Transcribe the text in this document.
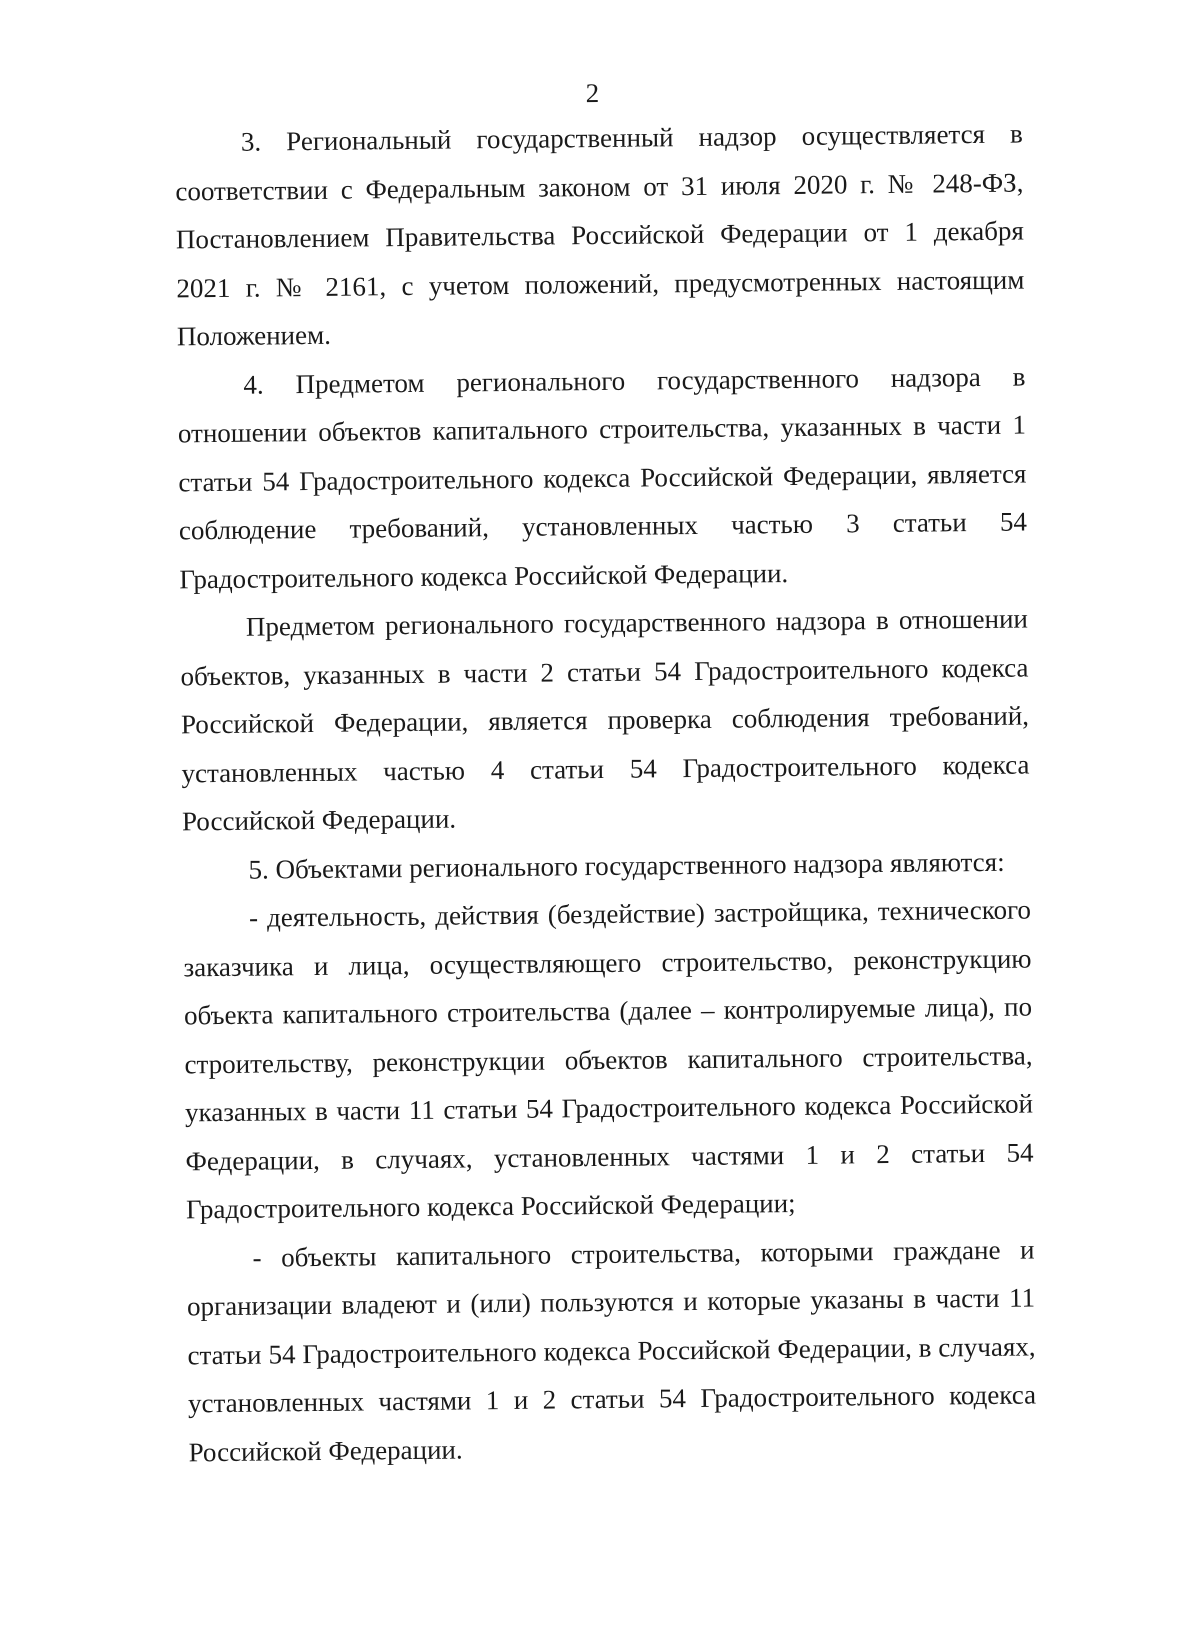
2

3. Региональный государственный надзор осуществляется в соответствии с Федеральным законом от 31 июля 2020 г. № 248-ФЗ, Постановлением Правительства Российской Федерации от 1 декабря 2021 г. № 2161, с учетом положений, предусмотренных настоящим Положением.

4. Предметом регионального государственного надзора в отношении объектов капитального строительства, указанных в части 1 статьи 54 Градостроительного кодекса Российской Федерации, является соблюдение требований, установленных частью 3 статьи 54 Градостроительного кодекса Российской Федерации.

Предметом регионального государственного надзора в отношении объектов, указанных в части 2 статьи 54 Градостроительного кодекса Российской Федерации, является проверка соблюдения требований, установленных частью 4 статьи 54 Градостроительного кодекса Российской Федерации.

5. Объектами регионального государственного надзора являются:

- деятельность, действия (бездействие) застройщика, технического заказчика и лица, осуществляющего строительство, реконструкцию объекта капитального строительства (далее – контролируемые лица), по строительству, реконструкции объектов капитального строительства, указанных в части 11 статьи 54 Градостроительного кодекса Российской Федерации, в случаях, установленных частями 1 и 2 статьи 54 Градостроительного кодекса Российской Федерации;

- объекты капитального строительства, которыми граждане и организации владеют и (или) пользуются и которые указаны в части 11 статьи 54 Градостроительного кодекса Российской Федерации, в случаях, установленных частями 1 и 2 статьи 54 Градостроительного кодекса Российской Федерации.
